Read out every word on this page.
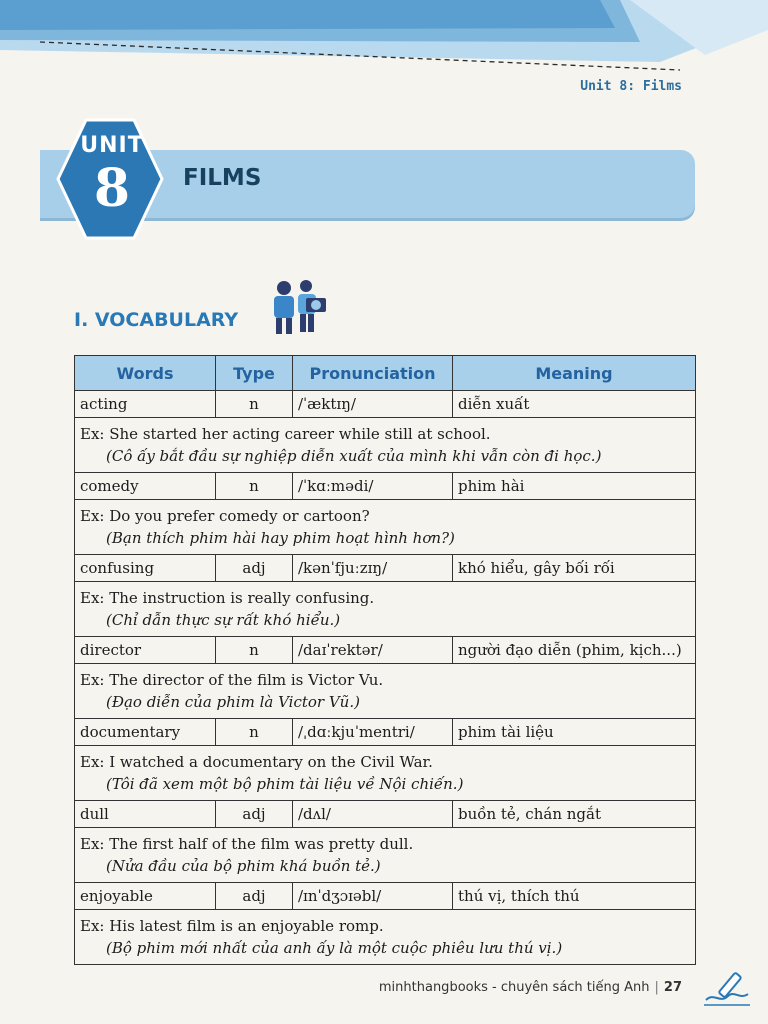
Unit 8: Films
UNIT
8	FILMS
I. VOCABULARY
Words	Type	Pronunciation	Meaning
acting	n	/ˈæktɪŋ/	diễn xuất

Ex: She started her acting career while still at school.
(Cô ấy bắt đầu sự nghiệp diễn xuất của mình khi vẫn còn đi học.)			

comedy	n	/ˈkɑːmədi/	phim hài

Ex: Do you prefer comedy or cartoon?
(Bạn thích phim hài hay phim hoạt hình hơn?)			

confusing	adj	/kənˈfjuːzɪŋ/	khó hiểu, gây bối rối

Ex: The instruction is really confusing.
(Chỉ dẫn thực sự rất khó hiểu.)			

director	n	/daɪˈrektər/	người đạo diễn (phim, kịch...)

Ex: The director of the film is Victor Vu.
(Đạo diễn của phim là Victor Vũ.)			

documentary	n	/ˌdɑːkjuˈmentri/	phim tài liệu

Ex: I watched a documentary on the Civil War.
(Tôi đã xem một bộ phim tài liệu về Nội chiến.)			

dull	adj	/dʌl/	buồn tẻ, chán ngắt

Ex: The first half of the film was pretty dull.
(Nửa đầu của bộ phim khá buồn tẻ.)			

enjoyable	adj	/ɪnˈdʒɔɪəbl/	thú vị, thích thú

Ex: His latest film is an enjoyable romp.
(Bộ phim mới nhất của anh ấy là một cuộc phiêu lưu thú vị.)			
minhthangbooks - chuyên sách tiếng Anh | 27
